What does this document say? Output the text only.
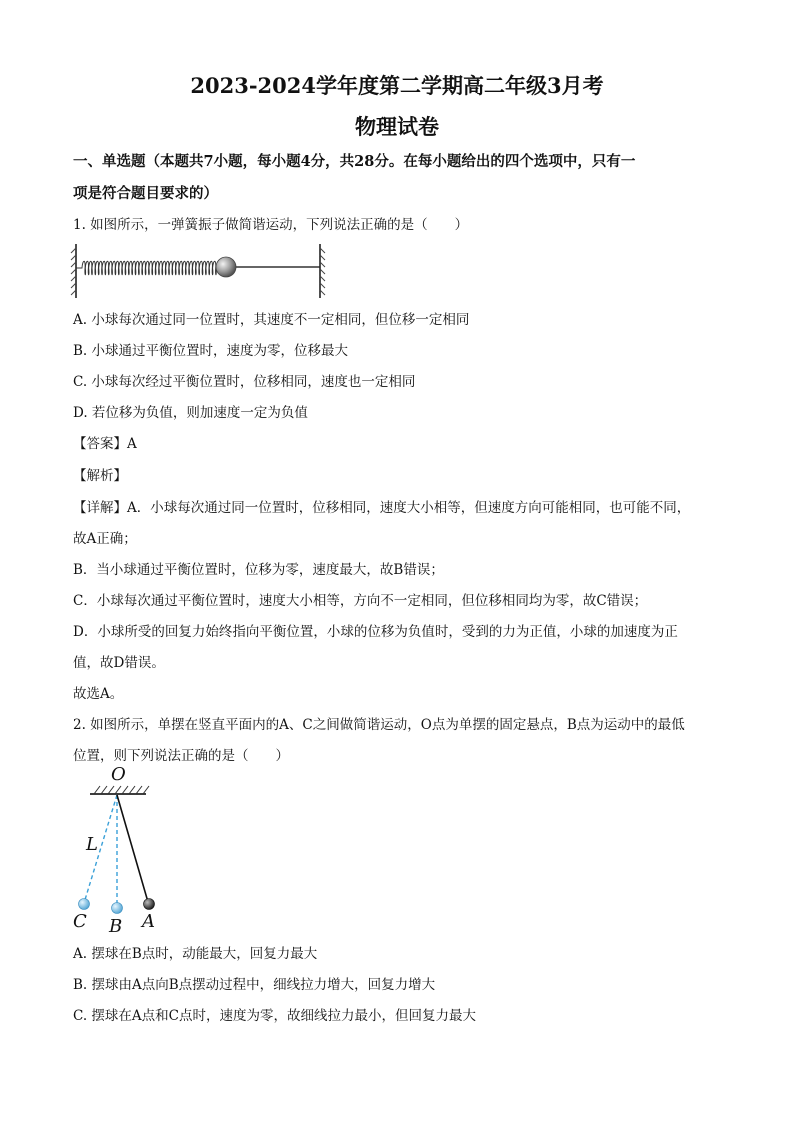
2023-2024学年度第二学期高二年级3月考
物理试卷
一、单选题（本题共7小题，每小题4分，共28分。在每小题给出的四个选项中，只有一
项是符合题目要求的）
1. 如图所示，一弹簧振子做简谐运动，下列说法正确的是（　　）
A. 小球每次通过同一位置时，其速度不一定相同，但位移一定相同
B. 小球通过平衡位置时，速度为零，位移最大
C. 小球每次经过平衡位置时，位移相同，速度也一定相同
D. 若位移为负值，则加速度一定为负值
【答案】A
【解析】
【详解】A．小球每次通过同一位置时，位移相同，速度大小相等，但速度方向可能相同，也可能不同，
故A正确；
B．当小球通过平衡位置时，位移为零，速度最大，故B错误；
C．小球每次通过平衡位置时，速度大小相等，方向不一定相同，但位移相同均为零，故C错误；
D．小球所受的回复力始终指向平衡位置，小球的位移为负值时，受到的力为正值，小球的加速度为正
值，故D错误。
故选A。
2. 如图所示，单摆在竖直平面内的A、C之间做简谐运动，O点为单摆的固定悬点，B点为运动中的最低
位置，则下列说法正确的是（　　）
O
L
C B A
A. 摆球在B点时，动能最大，回复力最大
B. 摆球由A点向B点摆动过程中，细线拉力增大，回复力增大
C. 摆球在A点和C点时，速度为零，故细线拉力最小，但回复力最大
